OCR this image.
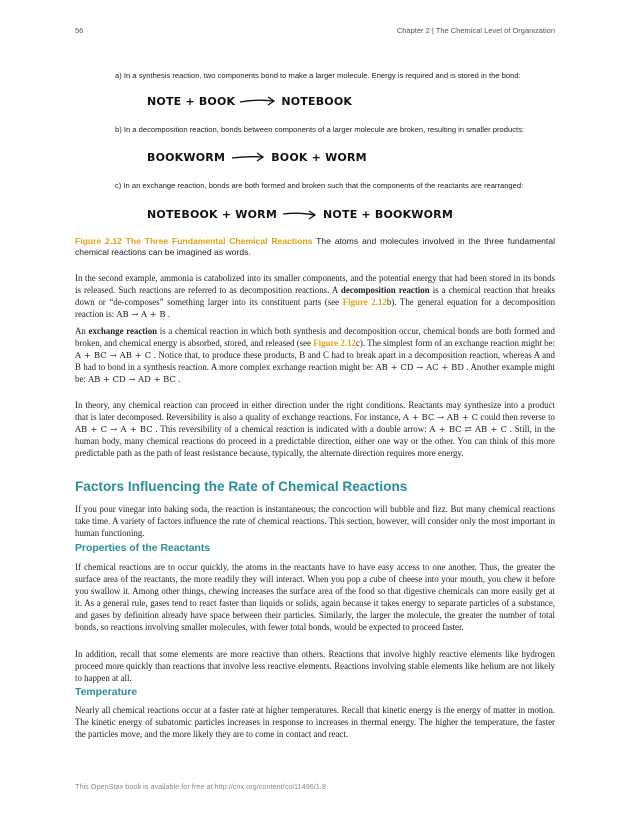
56	Chapter 2 | The Chemical Level of Organization
a) In a synthesis reaction, two components bond to make a larger molecule. Energy is required and is stored in the bond:
NOTE + BOOK	NOTEBOOK
b) In a decomposition reaction, bonds between components of a larger molecule are broken, resulting in smaller products:
BOOKWORM	BOOK + WORM
c) In an exchange reaction, bonds are both formed and broken such that the components of the reactants are rearranged:
NOTEBOOK + WORM	NOTE + BOOKWORM
Figure 2.12 The Three Fundamental Chemical Reactions The atoms and molecules involved in the three fundamental chemical reactions can be imagined as words.

In the second example, ammonia is catabolized into its smaller components, and the potential energy that had been stored in its bonds is released. Such reactions are referred to as decomposition reactions. A decomposition reaction is a chemical reaction that breaks down or “de-composes” something larger into its constituent parts (see Figure 2.12b). The general equation for a decomposition reaction is: AB → A + B .

An exchange reaction is a chemical reaction in which both synthesis and decomposition occur, chemical bonds are both formed and broken, and chemical energy is absorbed, stored, and released (see Figure 2.12c). The simplest form of an exchange reaction might be: A + BC → AB + C . Notice that, to produce these products, B and C had to break apart in a decomposition reaction, whereas A and B had to bond in a synthesis reaction. A more complex exchange reaction might be: AB + CD → AC + BD . Another example might be: AB + CD → AD + BC .

In theory, any chemical reaction can proceed in either direction under the right conditions. Reactants may synthesize into a product that is later decomposed. Reversibility is also a quality of exchange reactions. For instance, A + BC → AB + C could then reverse to AB + C → A + BC . This reversibility of a chemical reaction is indicated with a double arrow: A + BC ⇄ AB + C . Still, in the human body, many chemical reactions do proceed in a predictable direction, either one way or the other. You can think of this more predictable path as the path of least resistance because, typically, the alternate direction requires more energy.

Factors Influencing the Rate of Chemical Reactions

If you pour vinegar into baking soda, the reaction is instantaneous; the concoction will bubble and fizz. But many chemical reactions take time. A variety of factors influence the rate of chemical reactions. This section, however, will consider only the most important in human functioning.

Properties of the Reactants

If chemical reactions are to occur quickly, the atoms in the reactants have to have easy access to one another. Thus, the greater the surface area of the reactants, the more readily they will interact. When you pop a cube of cheese into your mouth, you chew it before you swallow it. Among other things, chewing increases the surface area of the food so that digestive chemicals can more easily get at it. As a general rule, gases tend to react faster than liquids or solids, again because it takes energy to separate particles of a substance, and gases by definition already have space between their particles. Similarly, the larger the molecule, the greater the number of total bonds, so reactions involving smaller molecules, with fewer total bonds, would be expected to proceed faster.

In addition, recall that some elements are more reactive than others. Reactions that involve highly reactive elements like hydrogen proceed more quickly than reactions that involve less reactive elements. Reactions involving stable elements like helium are not likely to happen at all.

Temperature

Nearly all chemical reactions occur at a faster rate at higher temperatures. Recall that kinetic energy is the energy of matter in motion. The kinetic energy of subatomic particles increases in response to increases in thermal energy. The higher the temperature, the faster the particles move, and the more likely they are to come in contact and react.

This OpenStax book is available for free at http://cnx.org/content/col11496/1.8
